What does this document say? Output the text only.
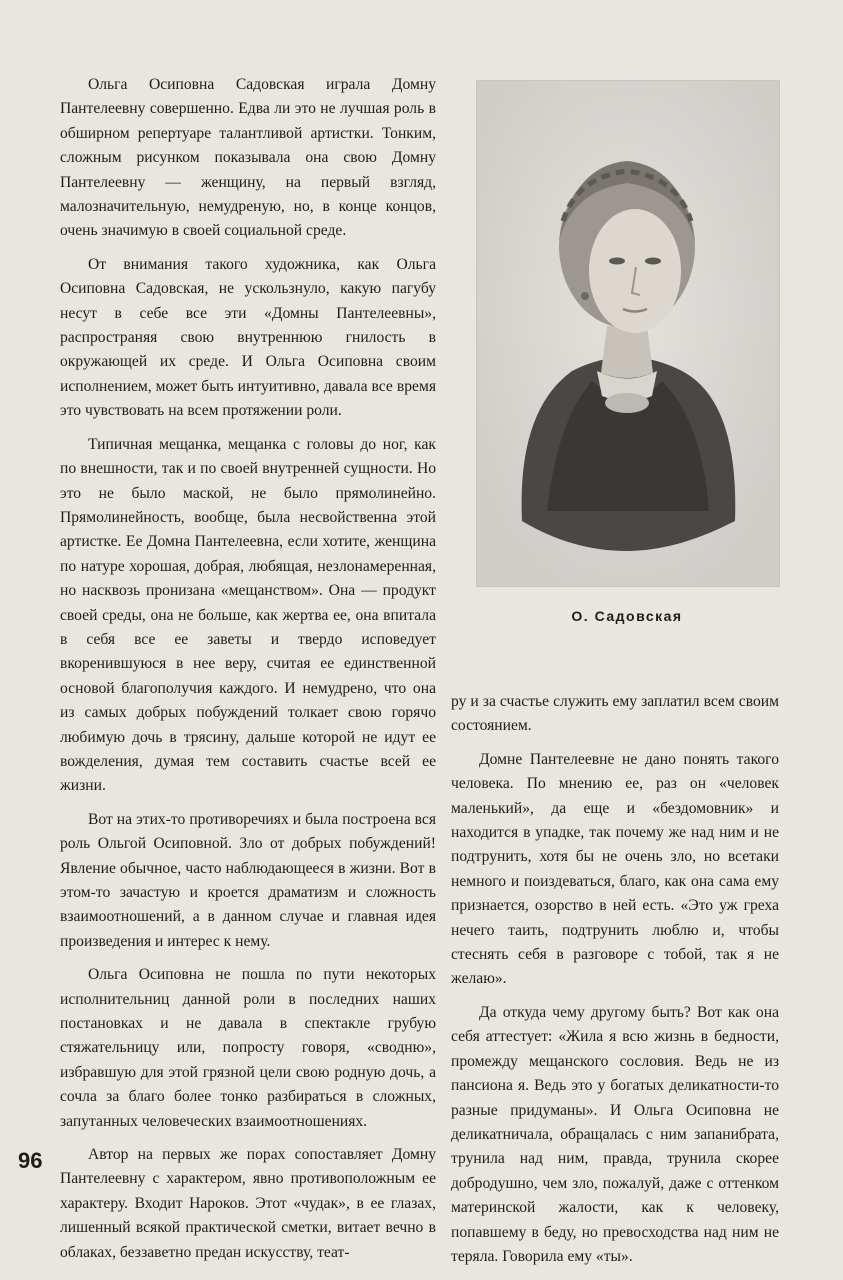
Ольга Осиповна Садовская играла Домну Пантелеевну совершенно. Едва ли это не лучшая роль в обширном репертуаре талантливой артистки. Тонким, сложным рисунком показывала она свою Домну Пантелеевну — женщину, на первый взгляд, малозначительную, немудреную, но, в конце концов, очень значимую в своей социальной среде.

От внимания такого художника, как Ольга Осиповна Садовская, не ускользнуло, какую пагубу несут в себе все эти «Домны Пантелеевны», распространяя свою внутреннюю гнилость в окружающей их среде. И Ольга Осиповна своим исполнением, может быть интуитивно, давала все время это чувствовать на всем протяжении роли.

Типичная мещанка, мещанка с головы до ног, как по внешности, так и по своей внутренней сущности. Но это не было маской, не было прямолинейно. Прямолинейность, вообще, была несвойственна этой артистке. Ее Домна Пантелеевна, если хотите, женщина по натуре хорошая, добрая, любящая, незлонамеренная, но насквозь пронизана «мещанством». Она — продукт своей среды, она не больше, как жертва ее, она впитала в себя все ее заветы и твердо исповедует вкоренившуюся в нее веру, считая ее единственной основой благополучия каждого. И немудрено, что она из самых добрых побуждений толкает свою горячо любимую дочь в трясину, дальше которой не идут ее вожделения, думая тем составить счастье всей ее жизни.

Вот на этих-то противоречиях и была построена вся роль Ольгой Осиповной. Зло от добрых побуждений! Явление обычное, часто наблюдающееся в жизни. Вот в этом-то зачастую и кроется драматизм и сложность взаимоотношений, а в данном случае и главная идея произведения и интерес к нему.

Ольга Осиповна не пошла по пути некоторых исполнительниц данной роли в последних наших постановках и не давала в спектакле грубую стяжательницу или, попросту говоря, «сводню», избравшую для этой грязной цели свою родную дочь, а сочла за благо более тонко разбираться в сложных, запутанных человеческих взаимоотношениях.

Автор на первых же порах сопоставляет Домну Пантелеевну с характером, явно противоположным ее характеру. Входит Нароков. Этот «чудак», в ее глазах, лишенный всякой практической сметки, витает вечно в облаках, беззаветно предан искусству, теат-

О. Садовская

ру и за счастье служить ему заплатил всем своим состоянием.

Домне Пантелеевне не дано понять такого человека. По мнению ее, раз он «человек маленький», да еще и «бездомовник» и находится в упадке, так почему же над ним и не подтрунить, хотя бы не очень зло, но всетаки немного и поиздеваться, благо, как она сама ему признается, озорство в ней есть. «Это уж греха нечего таить, подтрунить люблю и, чтобы стеснять себя в разговоре с тобой, так я не желаю».

Да откуда чему другому быть? Вот как она себя аттестует: «Жила я всю жизнь в бедности, промежду мещанского сословия. Ведь не из пансиона я. Ведь это у богатых деликатности-то разные придуманы». И Ольга Осиповна не деликатничала, обращалась с ним запанибрата, трунила над ним, правда, трунила скорее добродушно, чем зло, пожалуй, даже с оттенком материнской жалости, как к человеку, попавшему в беду, но превосходства над ним не теряла. Говорила ему «ты».

96
